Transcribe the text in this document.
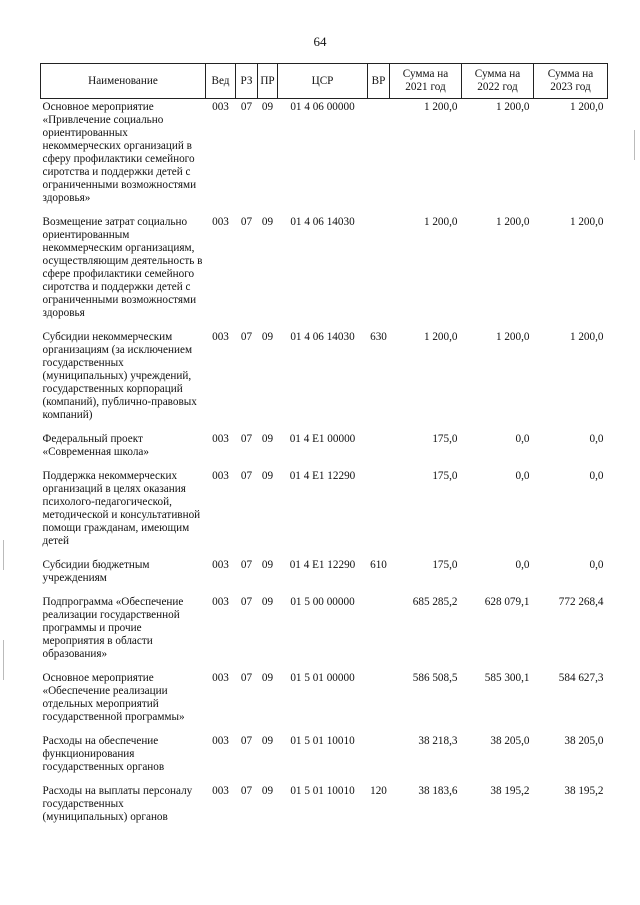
64
Наименование	Вед	РЗ	ПР	ЦСР	ВР	Сумма на 2021 год	Сумма на 2022 год	Сумма на 2023 год
Основное мероприятие «Привлечение социально ориентированных некоммерческих организаций в сферу профилактики семейного сиротства и поддержки детей с ограниченными возможностями здоровья»	003	07	09	01 4 06 00000		1 200,0	1 200,0	1 200,0
Возмещение затрат социально ориентированным некоммерческим организациям, осуществляющим деятельность в сфере профилактики семейного сиротства и поддержки детей с ограниченными возможностями здоровья	003	07	09	01 4 06 14030		1 200,0	1 200,0	1 200,0
Субсидии некоммерческим организациям (за исключением государственных (муниципальных) учреждений, государственных корпораций (компаний), публично-правовых компаний)	003	07	09	01 4 06 14030	630	1 200,0	1 200,0	1 200,0
Федеральный проект «Современная школа»	003	07	09	01 4 E1 00000		175,0	0,0	0,0
Поддержка некоммерческих организаций в целях оказания психолого-педагогической, методической и консультативной помощи гражданам, имеющим детей	003	07	09	01 4 E1 12290		175,0	0,0	0,0
Субсидии бюджетным учреждениям	003	07	09	01 4 E1 12290	610	175,0	0,0	0,0
Подпрограмма «Обеспечение реализации государственной программы и прочие мероприятия в области образования»	003	07	09	01 5 00 00000		685 285,2	628 079,1	772 268,4
Основное мероприятие «Обеспечение реализации отдельных мероприятий государственной программы»	003	07	09	01 5 01 00000		586 508,5	585 300,1	584 627,3
Расходы на обеспечение функционирования государственных органов	003	07	09	01 5 01 10010		38 218,3	38 205,0	38 205,0
Расходы на выплаты персоналу государственных (муниципальных) органов	003	07	09	01 5 01 10010	120	38 183,6	38 195,2	38 195,2
